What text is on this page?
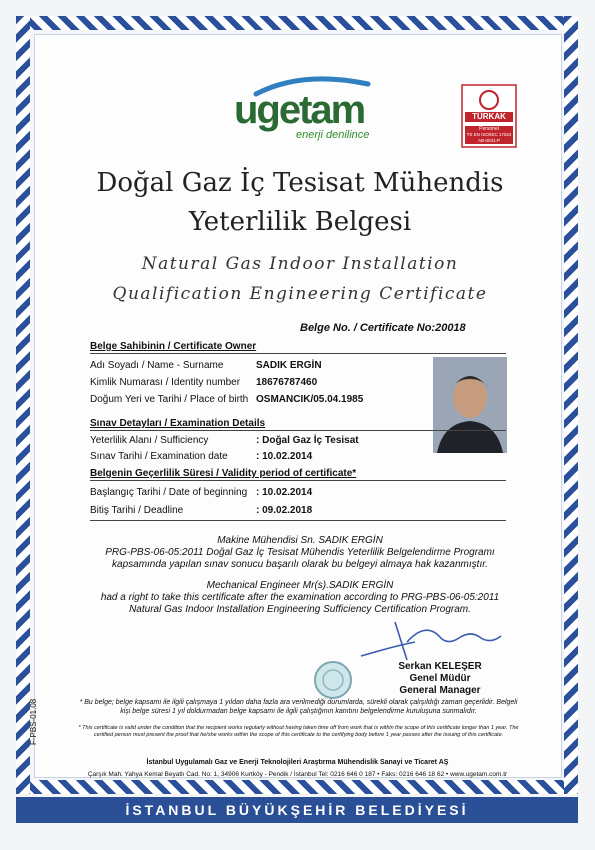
ugetam
enerji denilince
TÜRKAK
Personel
TS EN ISO/IEC 17024
AB-0031-P
Doğal Gaz İç Tesisat Mühendis
Yeterlilik Belgesi
Natural Gas Indoor Installation
Qualification Engineering Certificate
Belge No. / Certificate No:20018
Belge Sahibinin / Certificate Owner
Adı Soyadı / Name - Surname	SADIK ERGİN
Kimlik Numarası / Identity number 18676787460
Doğum Yeri ve Tarihi / Place of birth OSMANCIK/05.04.1985
Sınav Detayları / Examination Details
Yeterlilik Alanı / Sufficiency	: Doğal Gaz İç Tesisat
Sınav Tarihi / Examination date	: 10.02.2014
Belgenin Geçerlilik Süresi / Validity period of certificate*
Başlangıç Tarihi / Date of beginning : 10.02.2014
Bitiş Tarihi / Deadline	: 09.02.2018
Makine Mühendisi Sn. SADIK ERGİN
PRG-PBS-06-05:2011 Doğal Gaz İç Tesisat Mühendis Yeterlilik Belgelendirme Programı
kapsamında yapılan sınav sonucu başarılı olarak bu belgeyi almaya hak kazanmıştır.
Mechanical Engineer Mr(s).SADIK ERGİN
had a right to take this certificate after the examination according to PRG-PBS-06-05:2011
Natural Gas Indoor Installation Engineering Sufficiency Certification Program.
Serkan KELEŞER
Genel Müdür
General Manager
* Bu belge; belge kapsamı ile ilgili çalışmaya 1 yıldan daha fazla ara verilmediği durumlarda, sürekli olarak çalışıldığı zaman geçerlidir. Belgeli kişi belge süresi 1 yıl doldurmadan belge kapsamı ile ilgili çalıştığının kanıtını belgelendirme kuruluşuna sunmalıdır.
* This certificate is valid under the condition that the recipient works regularly without having taken time off from work that is within the scope of this certificate longer than 1 year. The certified person must present the proof that he/she works within the scope of this certificate to the certifying body before 1 year passes after the issuing of this certificate.
F-PBS-01.08
İstanbul Uygulamalı Gaz ve Enerji Teknolojileri Araştırma Mühendislik Sanayi ve Ticaret AŞ
Çarşık Mah. Yahya Kemal Beyatlı Cad. No: 1, 34906 Kurtköy - Pendik / İstanbul Tel: 0216 646 0 187 • Faks: 0216 646 18 62 • www.ugetam.com.tr
İSTANBUL BÜYÜKŞEHİR BELEDİYESİ
